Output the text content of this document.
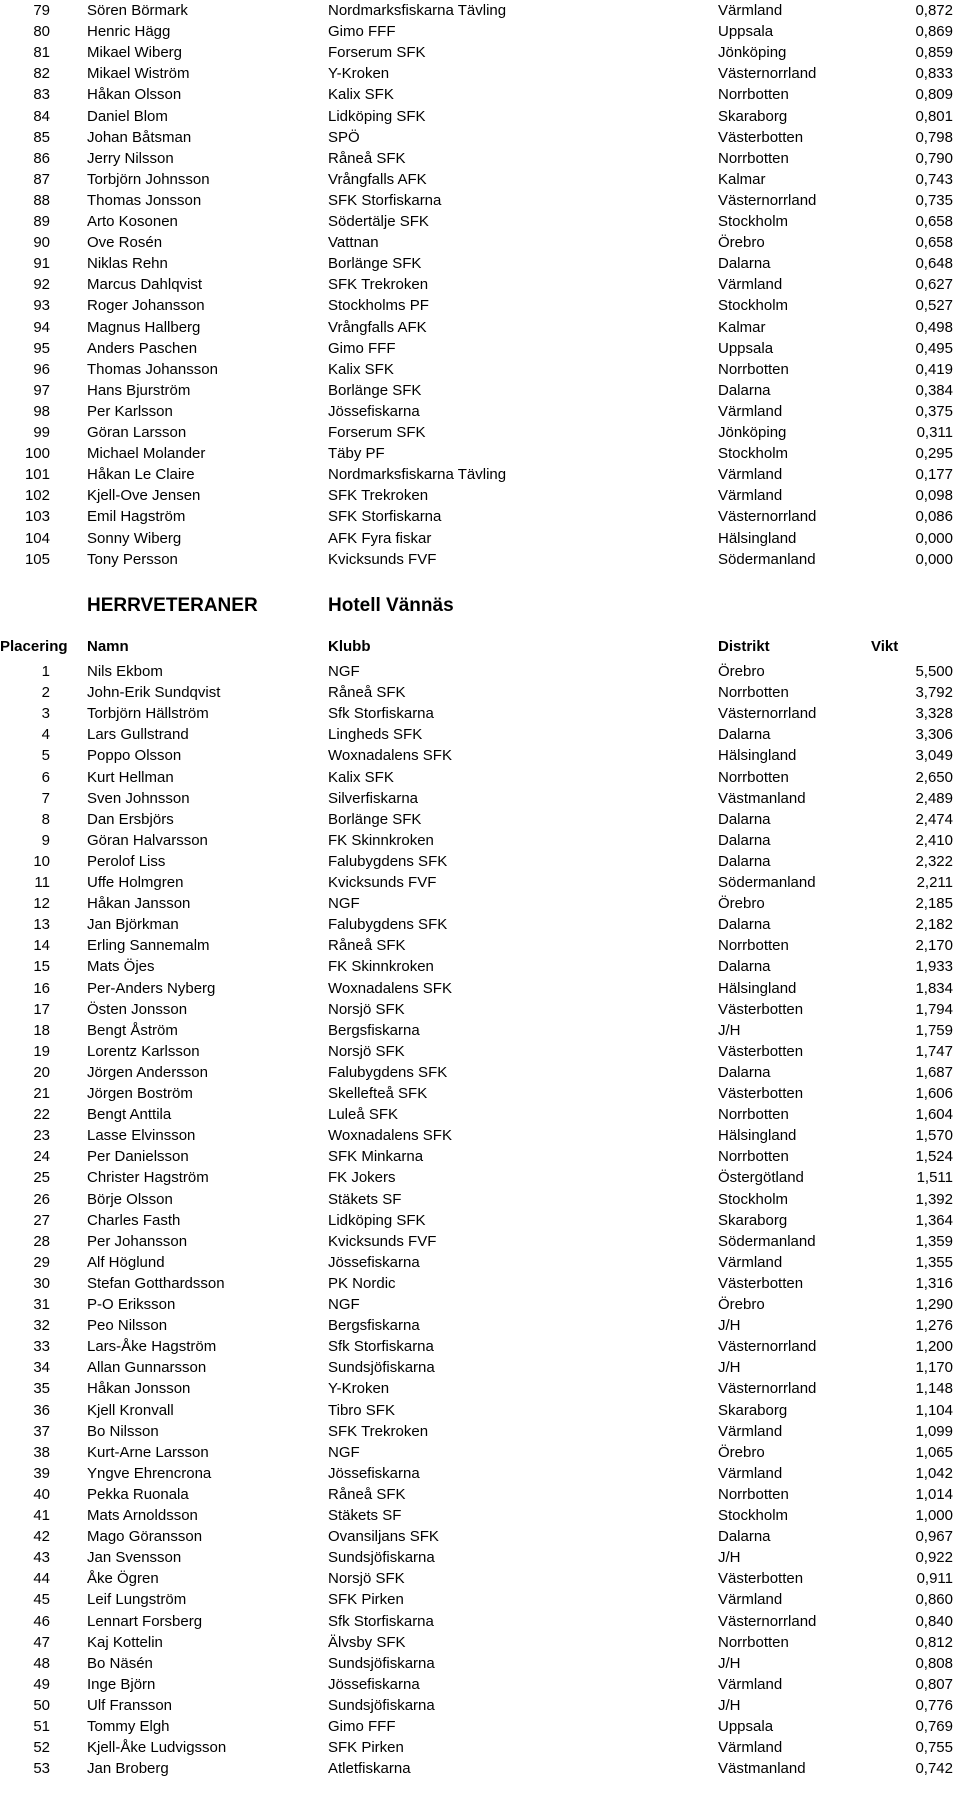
79 Sören Börmark	Nordmarksfiskarna Tävling	Värmland	0,872
80 Henric Hägg	Gimo FFF	Uppsala	0,869
81 Mikael Wiberg	Forserum SFK	Jönköping	0,859
82 Mikael Wiström	Y-Kroken	Västernorrland	0,833
83 Håkan Olsson	Kalix SFK	Norrbotten	0,809
84 Daniel Blom	Lidköping SFK	Skaraborg	0,801
85 Johan Båtsman	SPÖ	Västerbotten	0,798
86 Jerry Nilsson	Råneå SFK	Norrbotten	0,790
87 Torbjörn Johnsson	Vrångfalls AFK	Kalmar	0,743
88 Thomas Jonsson	SFK Storfiskarna	Västernorrland	0,735
89 Arto Kosonen	Södertälje SFK	Stockholm	0,658
90 Ove Rosén	Vattnan	Örebro	0,658
91 Niklas Rehn	Borlänge SFK	Dalarna	0,648
92 Marcus Dahlqvist	SFK Trekroken	Värmland	0,627
93 Roger Johansson	Stockholms PF	Stockholm	0,527
94 Magnus Hallberg	Vrångfalls AFK	Kalmar	0,498
95 Anders Paschen	Gimo FFF	Uppsala	0,495
96 Thomas Johansson	Kalix SFK	Norrbotten	0,419
97 Hans Bjurström	Borlänge SFK	Dalarna	0,384
98 Per Karlsson	Jössefiskarna	Värmland	0,375
99 Göran Larsson	Forserum SFK	Jönköping	0,311
100 Michael Molander	Täby PF	Stockholm	0,295
101 Håkan Le Claire	Nordmarksfiskarna Tävling	Värmland	0,177
102 Kjell-Ove Jensen	SFK Trekroken	Värmland	0,098
103 Emil Hagström	SFK Storfiskarna	Västernorrland	0,086
104 Sonny Wiberg	AFK Fyra fiskar	Hälsingland	0,000
105 Tony Persson	Kvicksunds FVF	Södermanland	0,000
HERRVETERANER	Hotell Vännäs
Placering Namn	Klubb	Distrikt	Vikt
1 Nils Ekbom	NGF	Örebro	5,500
2 John-Erik Sundqvist	Råneå SFK	Norrbotten	3,792
3 Torbjörn Hällström	Sfk Storfiskarna	Västernorrland	3,328
4 Lars Gullstrand	Lingheds SFK	Dalarna	3,306
5 Poppo Olsson	Woxnadalens SFK	Hälsingland	3,049
6 Kurt Hellman	Kalix SFK	Norrbotten	2,650
7 Sven Johnsson	Silverfiskarna	Västmanland	2,489
8 Dan Ersbjörs	Borlänge SFK	Dalarna	2,474
9 Göran Halvarsson	FK Skinnkroken	Dalarna	2,410
10 Perolof Liss	Falubygdens SFK	Dalarna	2,322
11 Uffe Holmgren	Kvicksunds FVF	Södermanland	2,211
12 Håkan Jansson	NGF	Örebro	2,185
13 Jan Björkman	Falubygdens SFK	Dalarna	2,182
14 Erling Sannemalm	Råneå SFK	Norrbotten	2,170
15 Mats Öjes	FK Skinnkroken	Dalarna	1,933
16 Per-Anders Nyberg	Woxnadalens SFK	Hälsingland	1,834
17 Östen Jonsson	Norsjö SFK	Västerbotten	1,794
18 Bengt Åström	Bergsfiskarna	J/H	1,759
19 Lorentz Karlsson	Norsjö SFK	Västerbotten	1,747
20 Jörgen Andersson	Falubygdens SFK	Dalarna	1,687
21 Jörgen Boström	Skellefteå SFK	Västerbotten	1,606
22 Bengt Anttila	Luleå SFK	Norrbotten	1,604
23 Lasse Elvinsson	Woxnadalens SFK	Hälsingland	1,570
24 Per Danielsson	SFK Minkarna	Norrbotten	1,524
25 Christer Hagström	FK Jokers	Östergötland	1,511
26 Börje Olsson	Stäkets SF	Stockholm	1,392
27 Charles Fasth	Lidköping SFK	Skaraborg	1,364
28 Per Johansson	Kvicksunds FVF	Södermanland	1,359
29 Alf Höglund	Jössefiskarna	Värmland	1,355
30 Stefan Gotthardsson	PK Nordic	Västerbotten	1,316
31 P-O Eriksson	NGF	Örebro	1,290
32 Peo Nilsson	Bergsfiskarna	J/H	1,276
33 Lars-Åke Hagström	Sfk Storfiskarna	Västernorrland	1,200
34 Allan Gunnarsson	Sundsjöfiskarna	J/H	1,170
35 Håkan Jonsson	Y-Kroken	Västernorrland	1,148
36 Kjell Kronvall	Tibro SFK	Skaraborg	1,104
37 Bo Nilsson	SFK Trekroken	Värmland	1,099
38 Kurt-Arne Larsson	NGF	Örebro	1,065
39 Yngve Ehrencrona	Jössefiskarna	Värmland	1,042
40 Pekka Ruonala	Råneå SFK	Norrbotten	1,014
41 Mats Arnoldsson	Stäkets SF	Stockholm	1,000
42 Mago Göransson	Ovansiljans SFK	Dalarna	0,967
43 Jan Svensson	Sundsjöfiskarna	J/H	0,922
44 Åke Ögren	Norsjö SFK	Västerbotten	0,911
45 Leif Lungström	SFK Pirken	Värmland	0,860
46 Lennart Forsberg	Sfk Storfiskarna	Västernorrland	0,840
47 Kaj Kottelin	Älvsby SFK	Norrbotten	0,812
48 Bo Näsén	Sundsjöfiskarna	J/H	0,808
49 Inge Björn	Jössefiskarna	Värmland	0,807
50 Ulf Fransson	Sundsjöfiskarna	J/H	0,776
51 Tommy Elgh	Gimo FFF	Uppsala	0,769
52 Kjell-Åke Ludvigsson	SFK Pirken	Värmland	0,755
53 Jan Broberg	Atletfiskarna	Västmanland	0,742
